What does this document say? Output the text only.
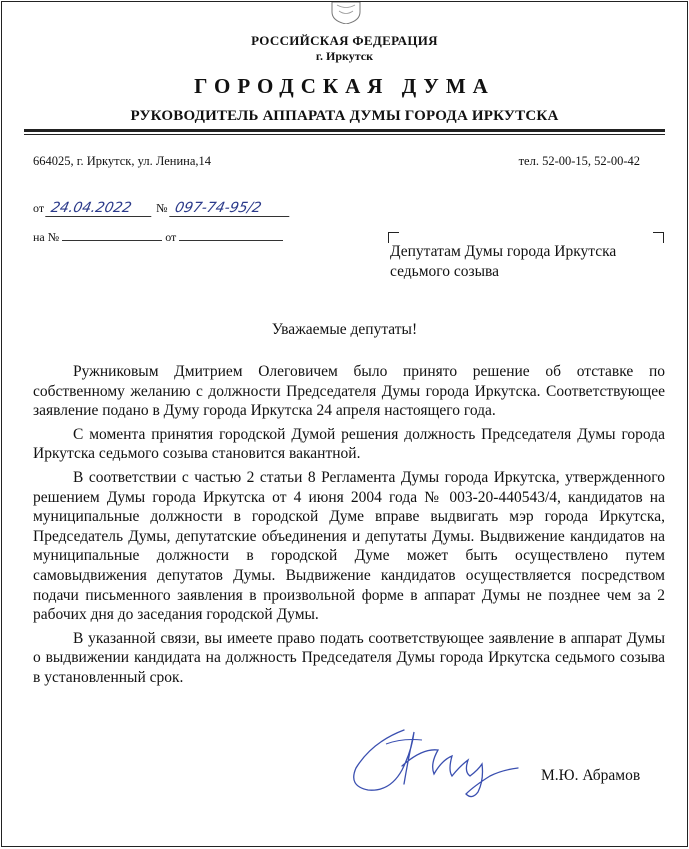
РОССИЙСКАЯ ФЕДЕРАЦИЯ
г. Иркутск
ГОРОДСКАЯ ДУМА
РУКОВОДИТЕЛЬ АППАРАТА ДУМЫ ГОРОДА ИРКУТСКА
664025, г. Иркутск, ул. Ленина,14	тел. 52-00-15, 52-00-42
от 24.04.2022 № 097-74-95/2
на №	от
Депутатам Думы города Иркутска
седьмого созыва
Уважаемые депутаты!

Ружниковым Дмитрием Олеговичем было принято решение об отставке по собственному желанию с должности Председателя Думы города Иркутска. Соответствующее заявление подано в Думу города Иркутска 24 апреля настоящего года.

С момента принятия городской Думой решения должность Председателя Думы города Иркутска седьмого созыва становится вакантной.

В соответствии с частью 2 статьи 8 Регламента Думы города Иркутска, утвержденного решением Думы города Иркутска от 4 июня 2004 года № 003-20-440543/4, кандидатов на муниципальные должности в городской Думе вправе выдвигать мэр города Иркутска, Председатель Думы, депутатские объединения и депутаты Думы. Выдвижение кандидатов на муниципальные должности в городской Думе может быть осуществлено путем самовыдвижения депутатов Думы. Выдвижение кандидатов осуществляется посредством подачи письменного заявления в произвольной форме в аппарат Думы не позднее чем за 2 рабочих дня до заседания городской Думы.

В указанной связи, вы имеете право подать соответствующее заявление в аппарат Думы о выдвижении кандидата на должность Председателя Думы города Иркутска седьмого созыва в установленный срок.

М.Ю. Абрамов
